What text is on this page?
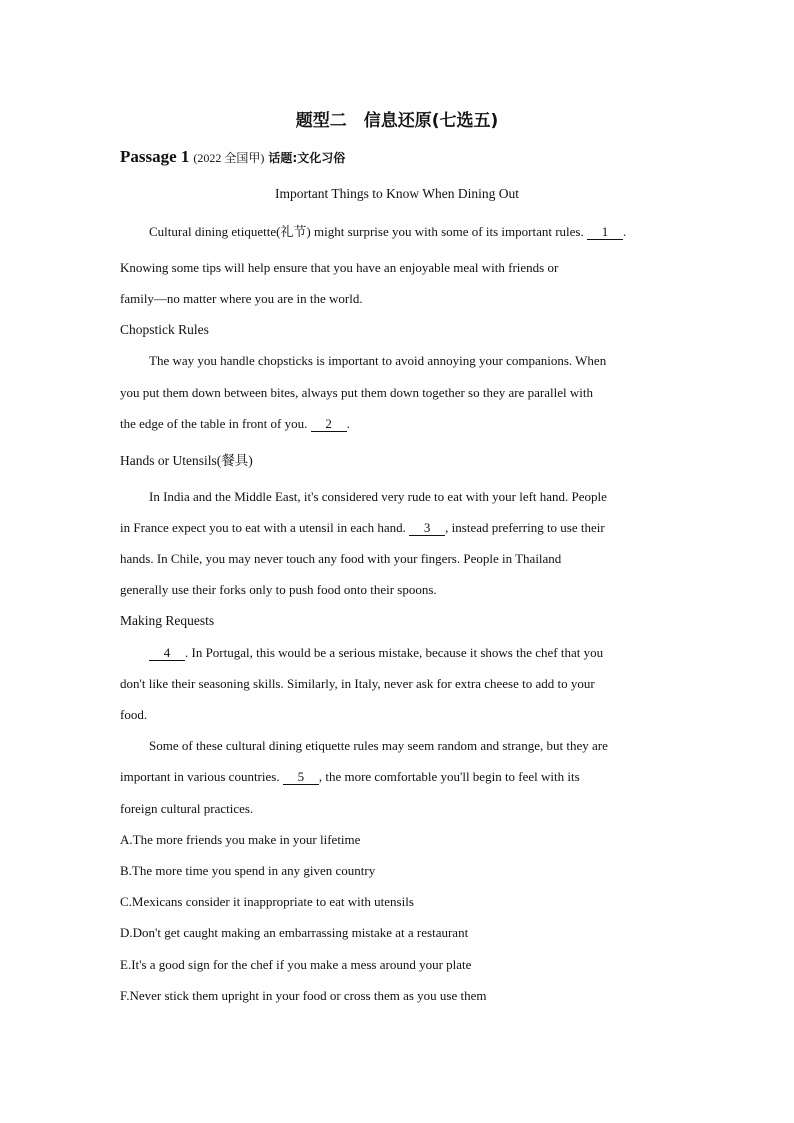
题型二　信息还原(七选五)
Passage 1 (2022 全国甲) 话题:文化习俗
Important Things to Know When Dining Out
Cultural dining etiquette(礼节) might surprise you with some of its important rules. 1 .
Knowing some tips will help ensure that you have an enjoyable meal with friends or
family—no matter where you are in the world.
Chopstick Rules
The way you handle chopsticks is important to avoid annoying your companions. When
you put them down between bites, always put them down together so they are parallel with
the edge of the table in front of you. 2 .
Hands or Utensils(餐具)
In India and the Middle East, it's considered very rude to eat with your left hand. People
in France expect you to eat with a utensil in each hand. 3 , instead preferring to use their
hands. In Chile, you may never touch any food with your fingers. People in Thailand
generally use their forks only to push food onto their spoons.
Making Requests
4 . In Portugal, this would be a serious mistake, because it shows the chef that you
don't like their seasoning skills. Similarly, in Italy, never ask for extra cheese to add to your
food.
Some of these cultural dining etiquette rules may seem random and strange, but they are
important in various countries. 5 , the more comfortable you'll begin to feel with its
foreign cultural practices.
A.The more friends you make in your lifetime
B.The more time you spend in any given country
C.Mexicans consider it inappropriate to eat with utensils
D.Don't get caught making an embarrassing mistake at a restaurant
E.It's a good sign for the chef if you make a mess around your plate
F.Never stick them upright in your food or cross them as you use them
